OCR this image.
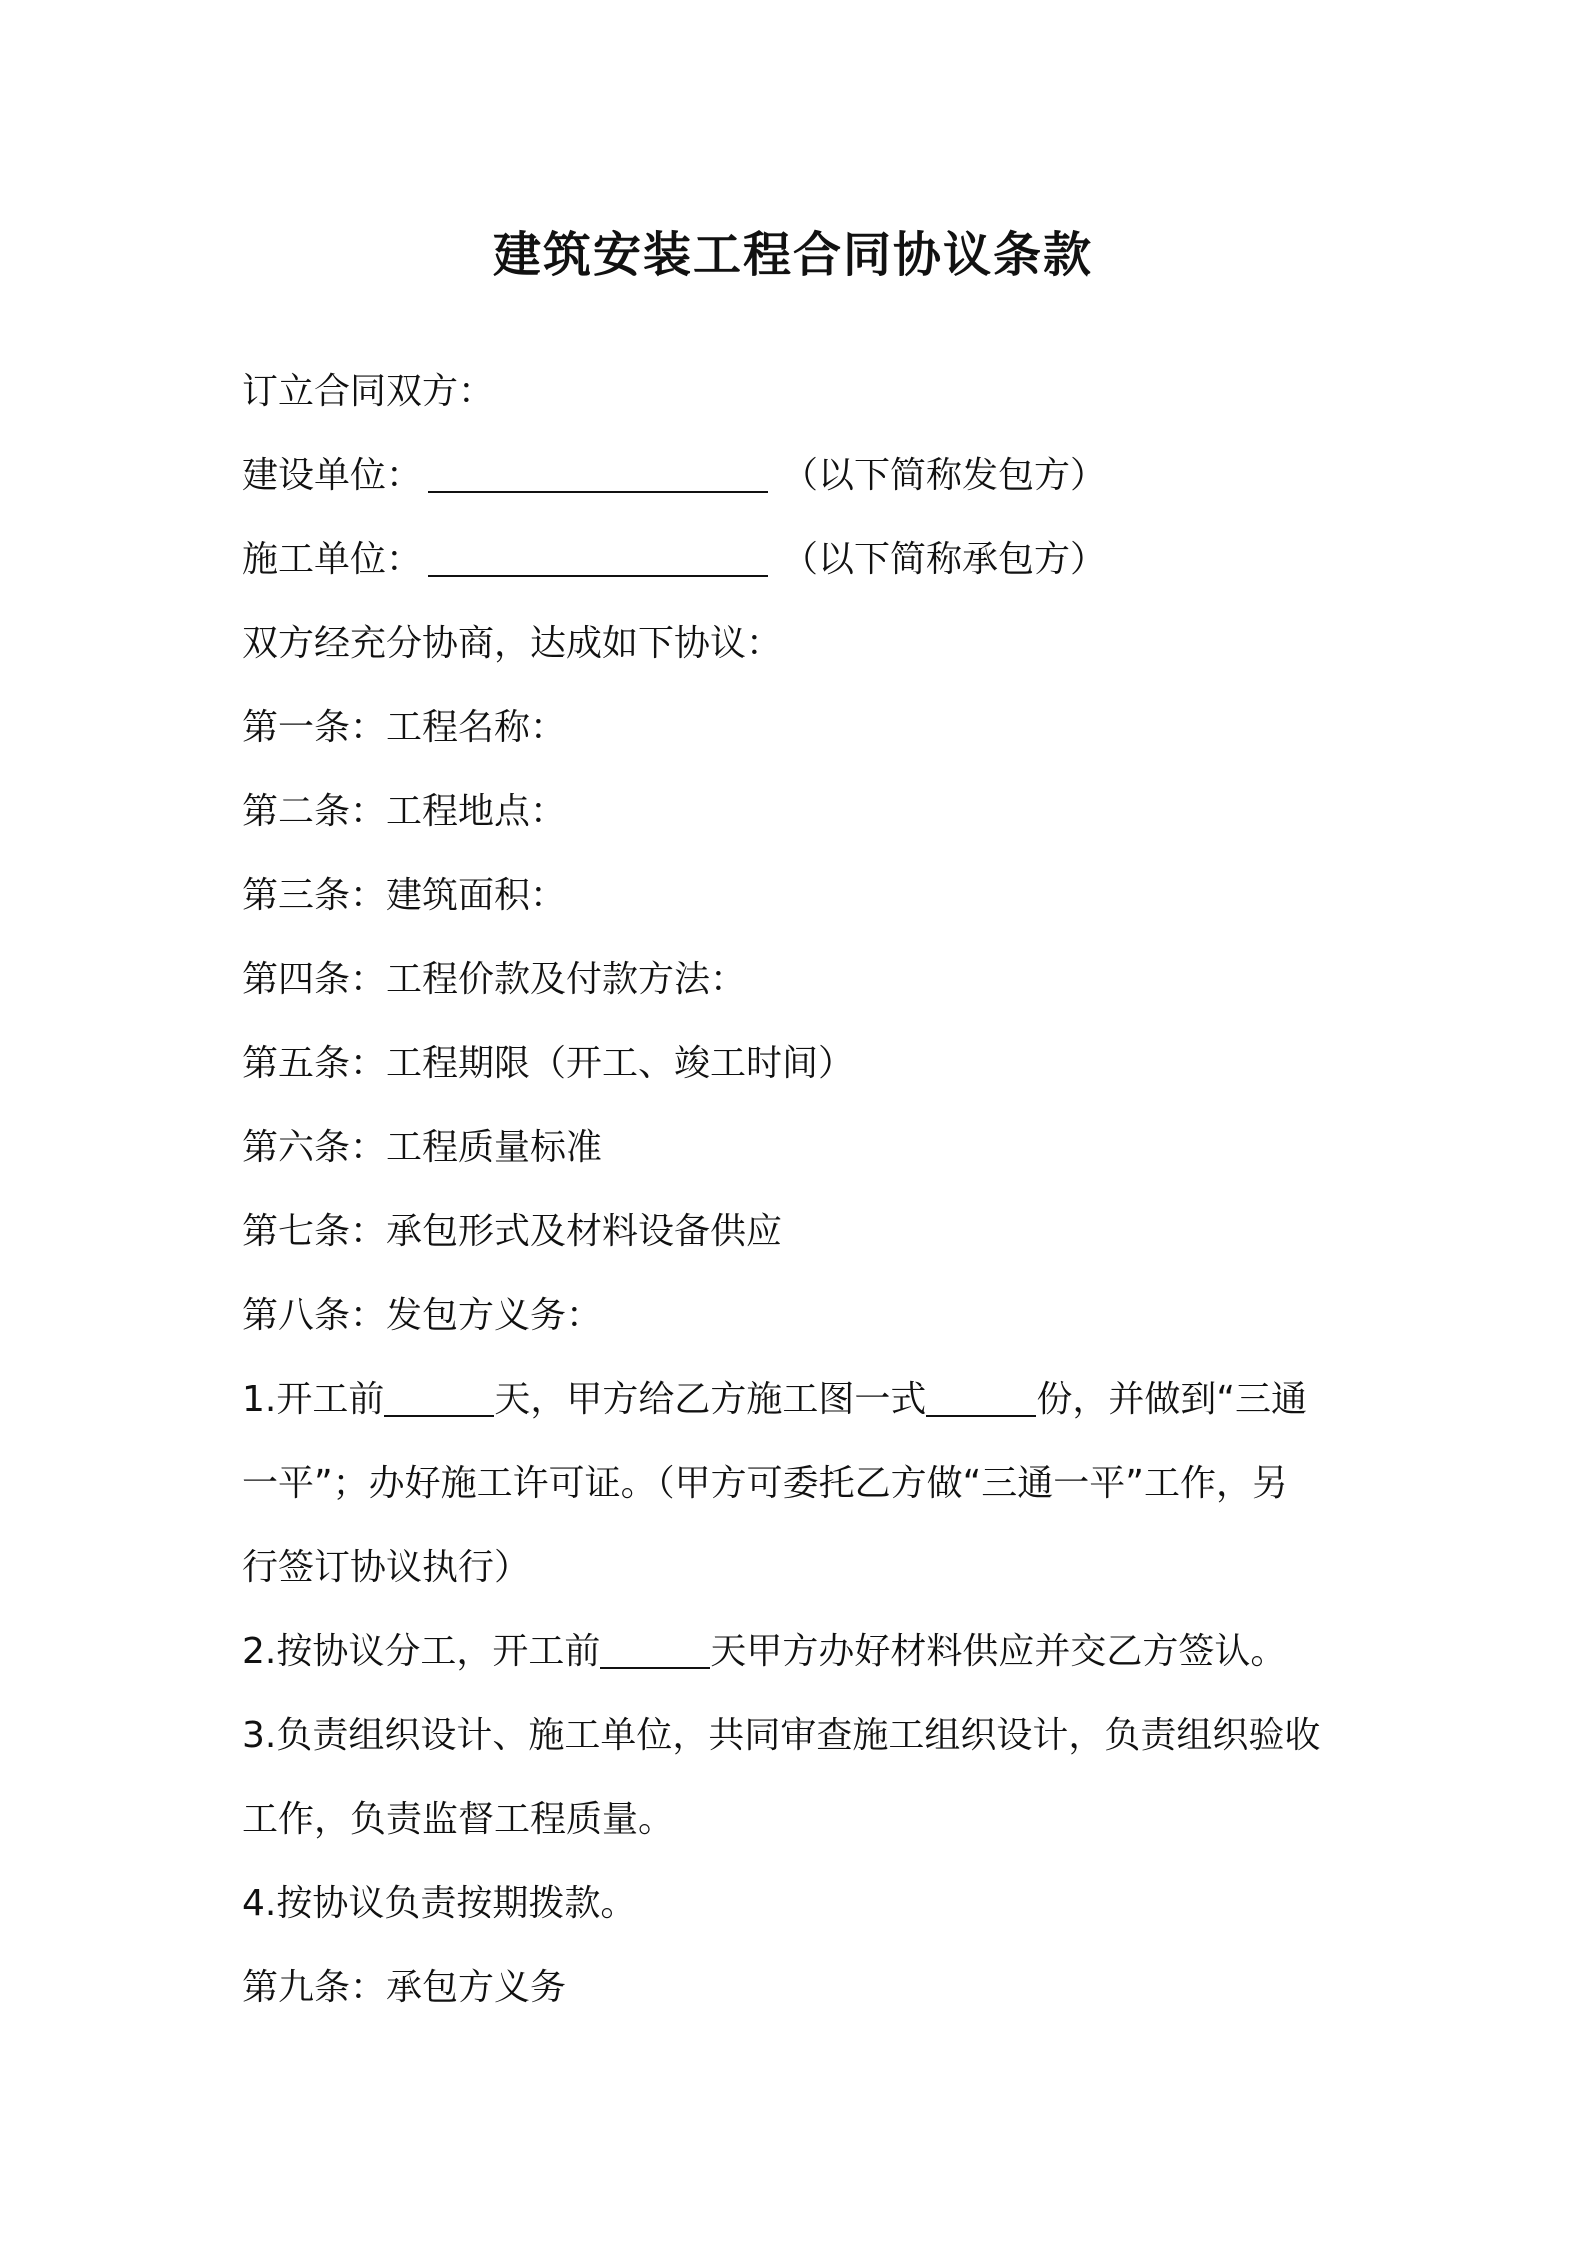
建筑安装工程合同协议条款
订立合同双方：
建设单位：	（以下简称发包方）
施工单位：	（以下简称承包方）
双方经充分协商，达成如下协议：
第一条：工程名称：
第二条：工程地点：
第三条：建筑面积：
第四条：工程价款及付款方法：
第五条：工程期限（开工、竣工时间）
第六条：工程质量标准
第七条：承包形式及材料设备供应
第八条：发包方义务：
1.开工前	天，甲方给乙方施工图一式	份，并做到“三通
一平”；办好施工许可证。（甲方可委托乙方做“三通一平”工作，另
行签订协议执行）
2.按协议分工，开工前	天甲方办好材料供应并交乙方签认。
3.负责组织设计、施工单位，共同审查施工组织设计，负责组织验收
工作，负责监督工程质量。
4.按协议负责按期拨款。
第九条：承包方义务
